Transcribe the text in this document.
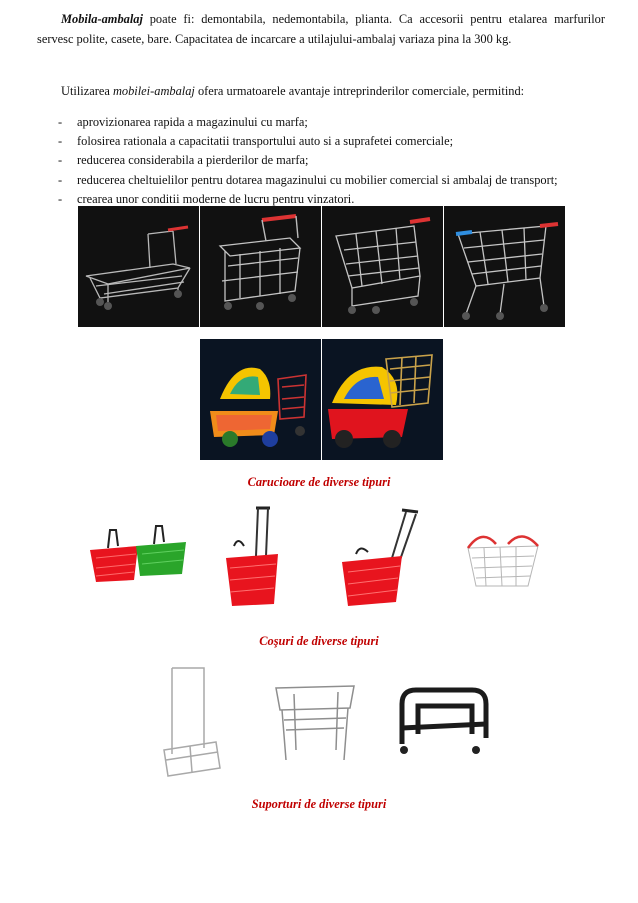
Mobila-ambalaj poate fi: demontabila, nedemontabila, plianta. Ca accesorii pentru etalarea marfurilor servesc polite, casete, bare. Capacitatea de incarcare a utilajului-ambalaj variaza pina la 300 kg.
Utilizarea mobilei-ambalaj ofera urmatoarele avantaje intreprinderilor comerciale, permitind:
- aprovizionarea rapida a magazinului cu marfa;
- folosirea rationala a capacitatii transportului auto si a suprafetei comerciale;
- reducerea considerabila a pierderilor de marfa;
- reducerea cheltuielilor pentru dotarea magazinului cu mobilier comercial si ambalaj de transport;
- crearea unor conditii moderne de lucru pentru vinzatori.
Carucioare de diverse tipuri
Coşuri de diverse tipuri
Suporturi de diverse tipuri
